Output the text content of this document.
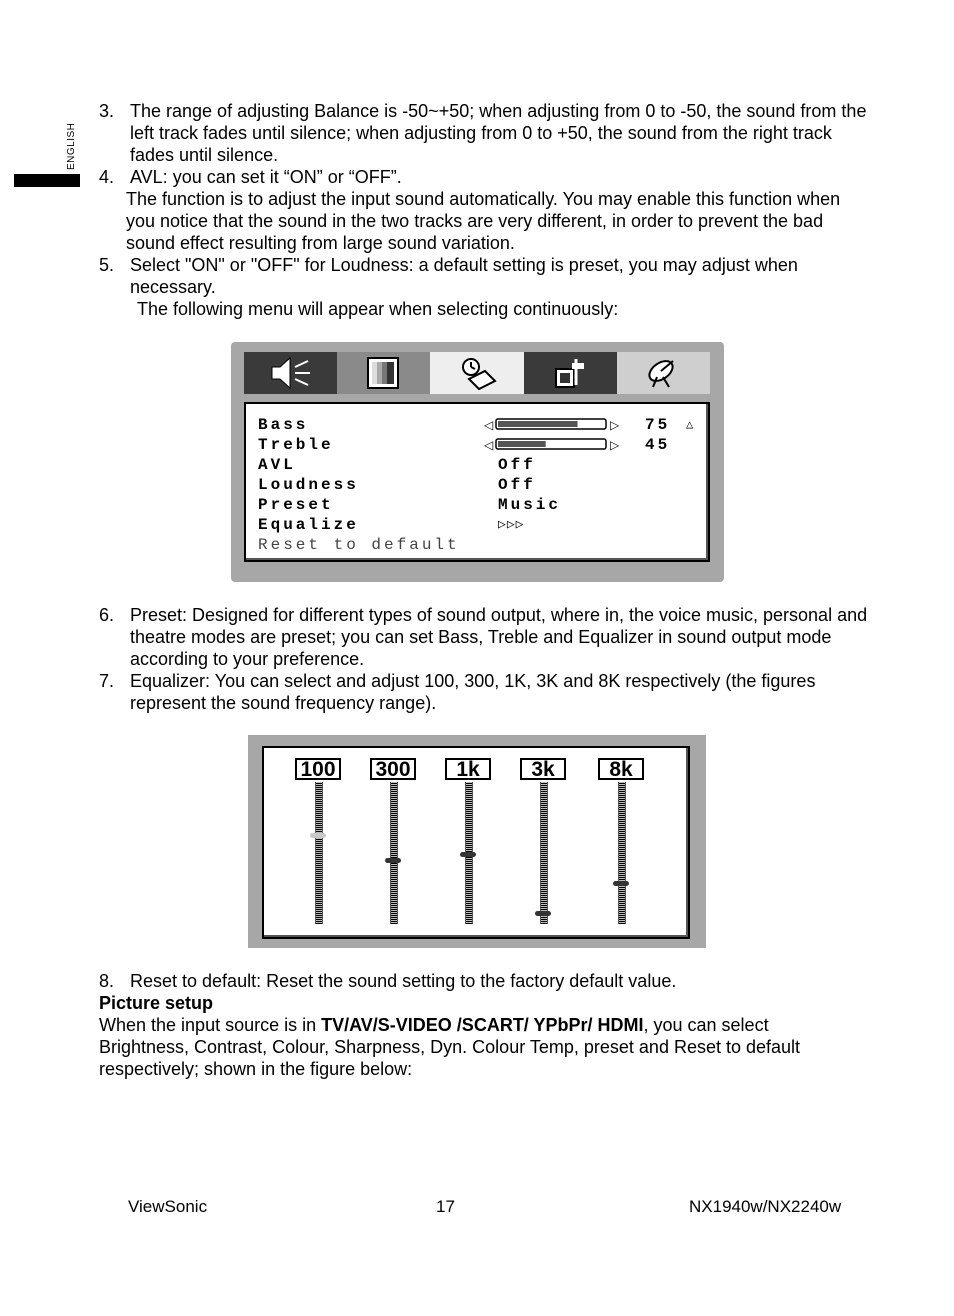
ENGLISH
3. The range of adjusting Balance is -50~+50; when adjusting from 0 to -50, the sound from the left track fades until silence; when adjusting from 0 to +50, the sound from the right track fades until silence.
4. AVL: you can set it “ON” or “OFF”.
The function is to adjust the input sound automatically. You may enable this function when you notice that the sound in the two tracks are very different, in order to prevent the bad sound effect resulting from large sound variation.
5. Select "ON" or "OFF" for Loudness: a default setting is preset, you may adjust when necessary.
The following menu will appear when selecting continuously:
Bass	◁	▷ 75 △
Treble	◁	▷ 45
AVL	Off
Loudness	Off
Preset	Music
Equalize	▷▷▷
Reset to default
6. Preset: Designed for different types of sound output, where in, the voice music, personal and theatre modes are preset; you can set Bass, Treble and Equalizer in sound output mode according to your preference.
7. Equalizer: You can select and adjust 100, 300, 1K, 3K and 8K respectively (the figures represent the sound frequency range).
100 300	1k	3k	8k
8. Reset to default: Reset the sound setting to the factory default value.
Picture setup
When the input source is in TV/AV/S-VIDEO /SCART/ YPbPr/ HDMI, you can select Brightness, Contrast, Colour, Sharpness, Dyn. Colour Temp, preset and Reset to default respectively; shown in the figure below:
ViewSonic	17	NX1940w/NX2240w
